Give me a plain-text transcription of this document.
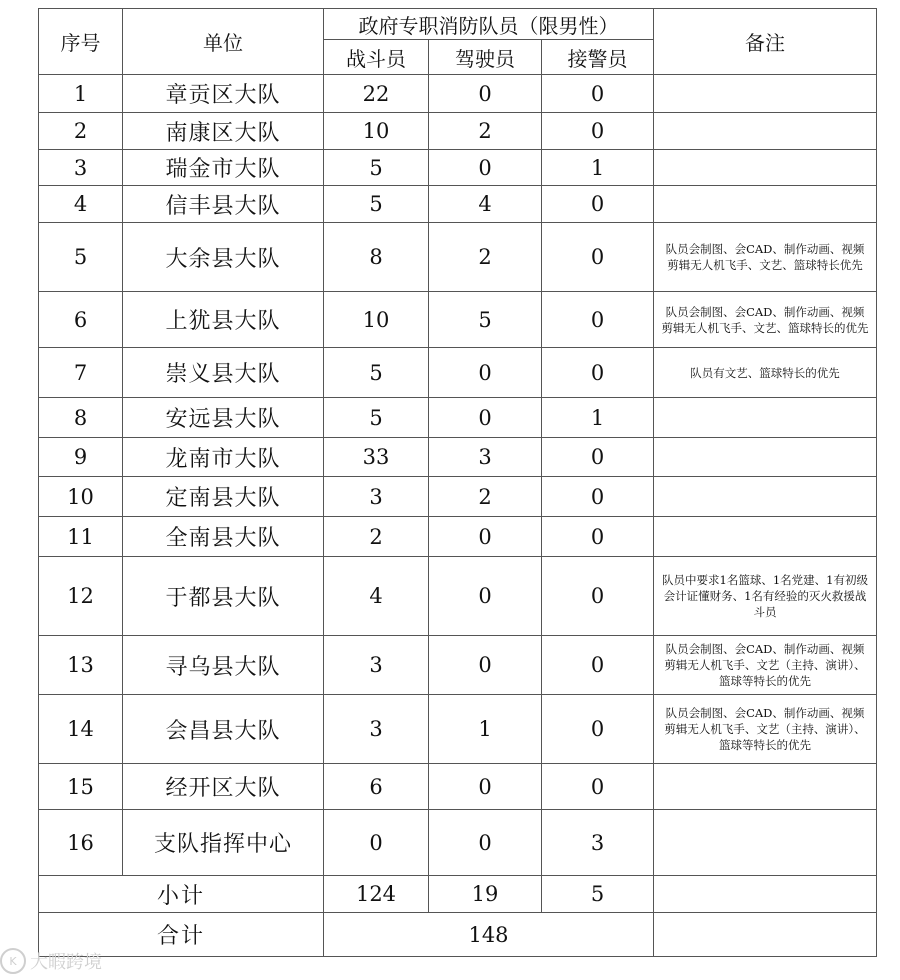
序号	单位	政府专职消防队员（限男性）			备注
		战斗员	驾驶员	接警员	
1	章贡区大队	22	0	0	
2	南康区大队	10	2	0	
3	瑞金市大队	5	0	1	
4	信丰县大队	5	4	0	
5	大余县大队	8	2	0	队员会制图、会CAD、制作动画、视频剪辑无人机飞手、文艺、篮球特长优先
6	上犹县大队	10	5	0	队员会制图、会CAD、制作动画、视频剪辑无人机飞手、文艺、篮球特长的优先
7	崇义县大队	5	0	0	队员有文艺、篮球特长的优先
8	安远县大队	5	0	1	
9	龙南市大队	33	3	0	
10	定南县大队	3	2	0	
11	全南县大队	2	0	0	
12	于都县大队	4	0	0	队员中要求1名篮球、1名党建、1有初级会计证懂财务、1名有经验的灭火救援战斗员
13	寻乌县大队	3	0	0	队员会制图、会CAD、制作动画、视频剪辑无人机飞手、文艺（主持、演讲）、篮球等特长的优先
14	会昌县大队	3	1	0	队员会制图、会CAD、制作动画、视频剪辑无人机飞手、文艺（主持、演讲）、篮球等特长的优先
15	经开区大队	6	0	0	
16	支队指挥中心	0	0	3	
小计		124	19	5	
合计		148			
K 大暇跨境
